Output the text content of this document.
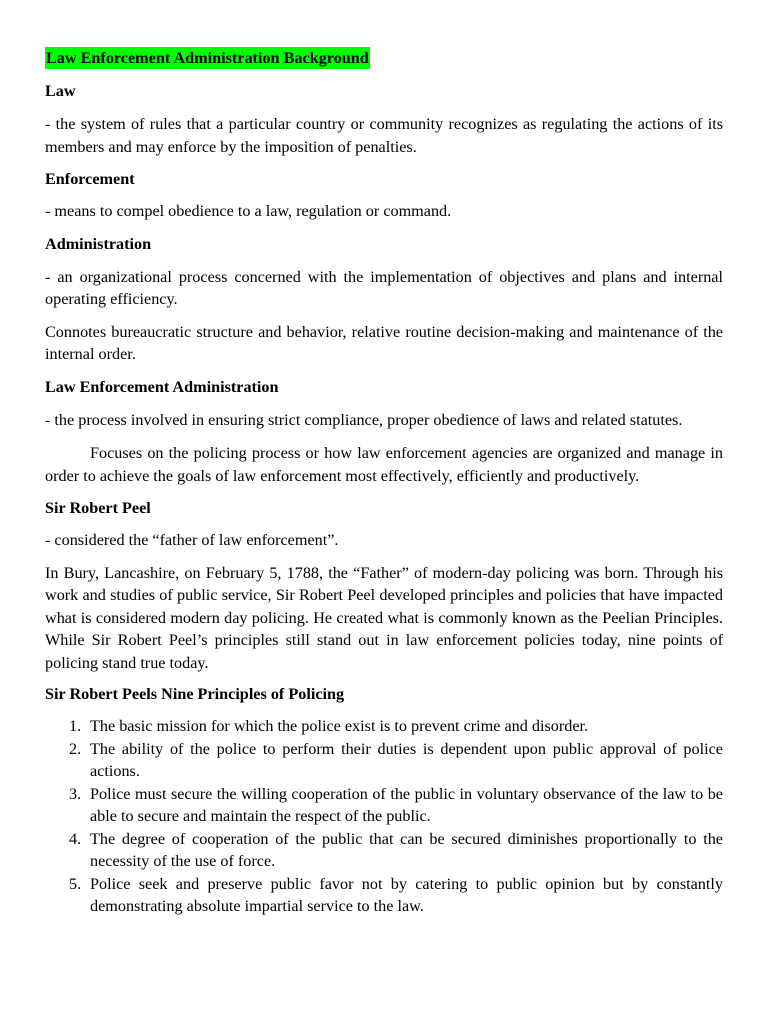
Law Enforcement Administration Background

Law

- the system of rules that a particular country or community recognizes as regulating the actions of its members and may enforce by the imposition of penalties.

Enforcement

- means to compel obedience to a law, regulation or command.

Administration

- an organizational process concerned with the implementation of objectives and plans and internal operating efficiency.

Connotes bureaucratic structure and behavior, relative routine decision-making and maintenance of the internal order.

Law Enforcement Administration

- the process involved in ensuring strict compliance, proper obedience of laws and related statutes.

Focuses on the policing process or how law enforcement agencies are organized and manage in order to achieve the goals of law enforcement most effectively, efficiently and productively.

Sir Robert Peel

- considered the “father of law enforcement”.

In Bury, Lancashire, on February 5, 1788, the “Father” of modern-day policing was born. Through his work and studies of public service, Sir Robert Peel developed principles and policies that have impacted what is considered modern day policing. He created what is commonly known as the Peelian Principles. While Sir Robert Peel’s principles still stand out in law enforcement policies today, nine points of policing stand true today.

Sir Robert Peels Nine Principles of Policing

1. The basic mission for which the police exist is to prevent crime and disorder.
2. The ability of the police to perform their duties is dependent upon public approval of police actions.
3. Police must secure the willing cooperation of the public in voluntary observance of the law to be able to secure and maintain the respect of the public.
4. The degree of cooperation of the public that can be secured diminishes proportionally to the necessity of the use of force.
5. Police seek and preserve public favor not by catering to public opinion but by constantly demonstrating absolute impartial service to the law.
